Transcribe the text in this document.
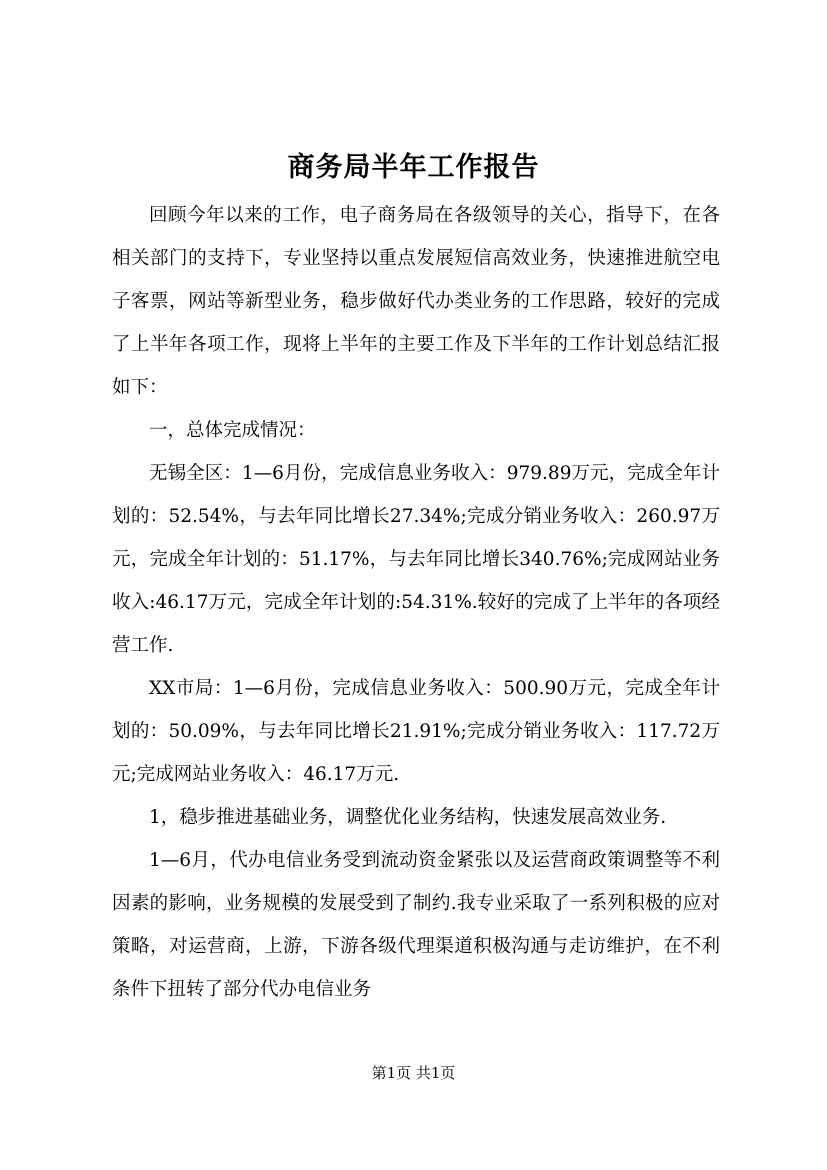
商务局半年工作报告

回顾今年以来的工作，电子商务局在各级领导的关心，指导下，在各相关部门的支持下，专业坚持以重点发展短信高效业务，快速推进航空电子客票，网站等新型业务，稳步做好代办类业务的工作思路，较好的完成了上半年各项工作，现将上半年的主要工作及下半年的工作计划总结汇报如下：

一，总体完成情况：

无锡全区：1—6月份，完成信息业务收入：979.89万元，完成全年计划的：52.54%，与去年同比增长27.34%;完成分销业务收入：260.97万元，完成全年计划的：51.17%，与去年同比增长340.76%;完成网站业务收入:46.17万元，完成全年计划的:54.31%.较好的完成了上半年的各项经营工作.

XX市局：1—6月份，完成信息业务收入：500.90万元，完成全年计划的：50.09%，与去年同比增长21.91%;完成分销业务收入：117.72万元;完成网站业务收入：46.17万元.

1，稳步推进基础业务，调整优化业务结构，快速发展高效业务.

1—6月，代办电信业务受到流动资金紧张以及运营商政策调整等不利因素的影响，业务规模的发展受到了制约.我专业采取了一系列积极的应对策略，对运营商，上游，下游各级代理渠道积极沟通与走访维护，在不利条件下扭转了部分代办电信业务

第1页 共1页
